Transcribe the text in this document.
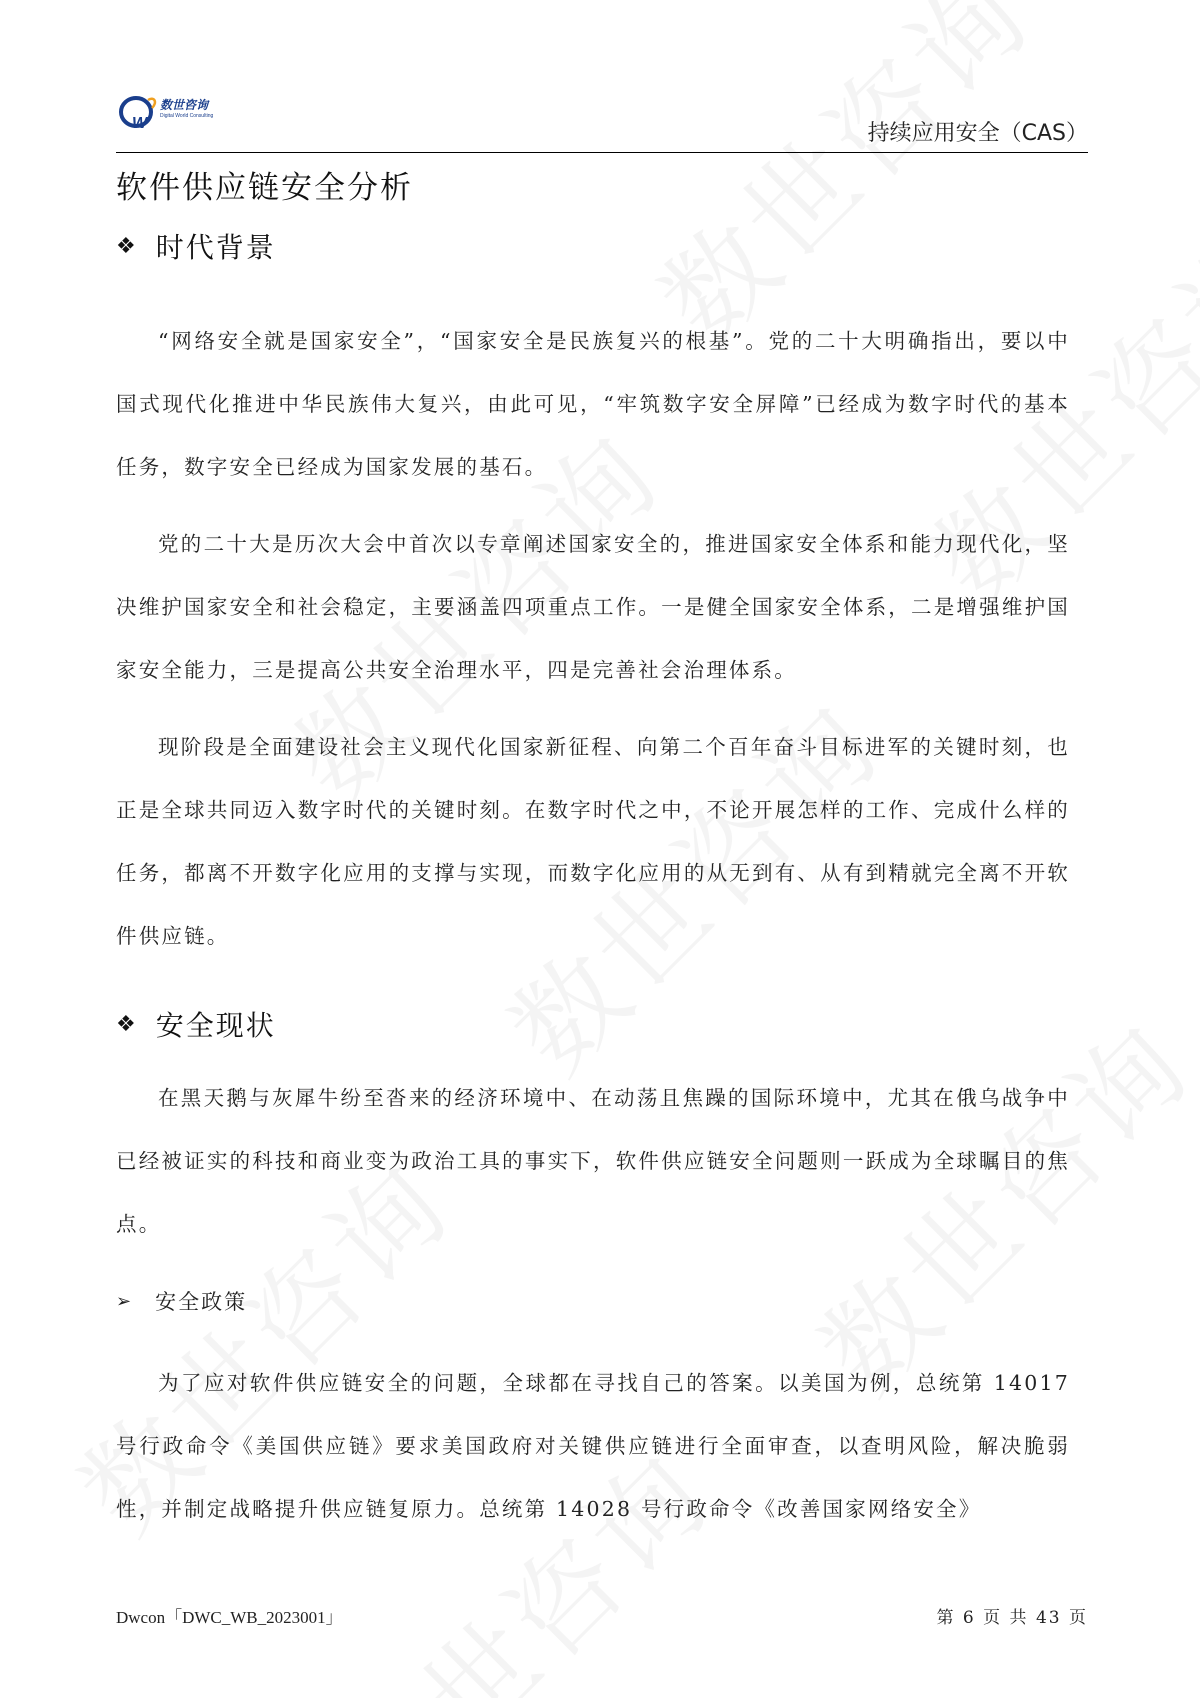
W
数世咨询
Digital World Consulting
持续应用安全（CAS）
软件供应链安全分析
❖ 时代背景

“网络安全就是国家安全”，“国家安全是民族复兴的根基”。党的二十大明确指出，要以中国式现代化推进中华民族伟大复兴，由此可见，“牢筑数字安全屏障”已经成为数字时代的基本任务，数字安全已经成为国家发展的基石。

党的二十大是历次大会中首次以专章阐述国家安全的，推进国家安全体系和能力现代化，坚决维护国家安全和社会稳定，主要涵盖四项重点工作。一是健全国家安全体系，二是增强维护国家安全能力，三是提高公共安全治理水平，四是完善社会治理体系。

现阶段是全面建设社会主义现代化国家新征程、向第二个百年奋斗目标进军的关键时刻，也正是全球共同迈入数字时代的关键时刻。在数字时代之中，不论开展怎样的工作、完成什么样的任务，都离不开数字化应用的支撑与实现，而数字化应用的从无到有、从有到精就完全离不开软件供应链。

❖ 安全现状

在黑天鹅与灰犀牛纷至沓来的经济环境中、在动荡且焦躁的国际环境中，尤其在俄乌战争中已经被证实的科技和商业变为政治工具的事实下，软件供应链安全问题则一跃成为全球瞩目的焦点。

➢ 安全政策

为了应对软件供应链安全的问题，全球都在寻找自己的答案。以美国为例，总统第 14017 号行政命令《美国供应链》要求美国政府对关键供应链进行全面审查，以查明风险，解决脆弱性，并制定战略提升供应链复原力。总统第 14028 号行政命令《改善国家网络安全》

Dwcon「DWC_WB_2023001」	第 6 页 共 43 页
